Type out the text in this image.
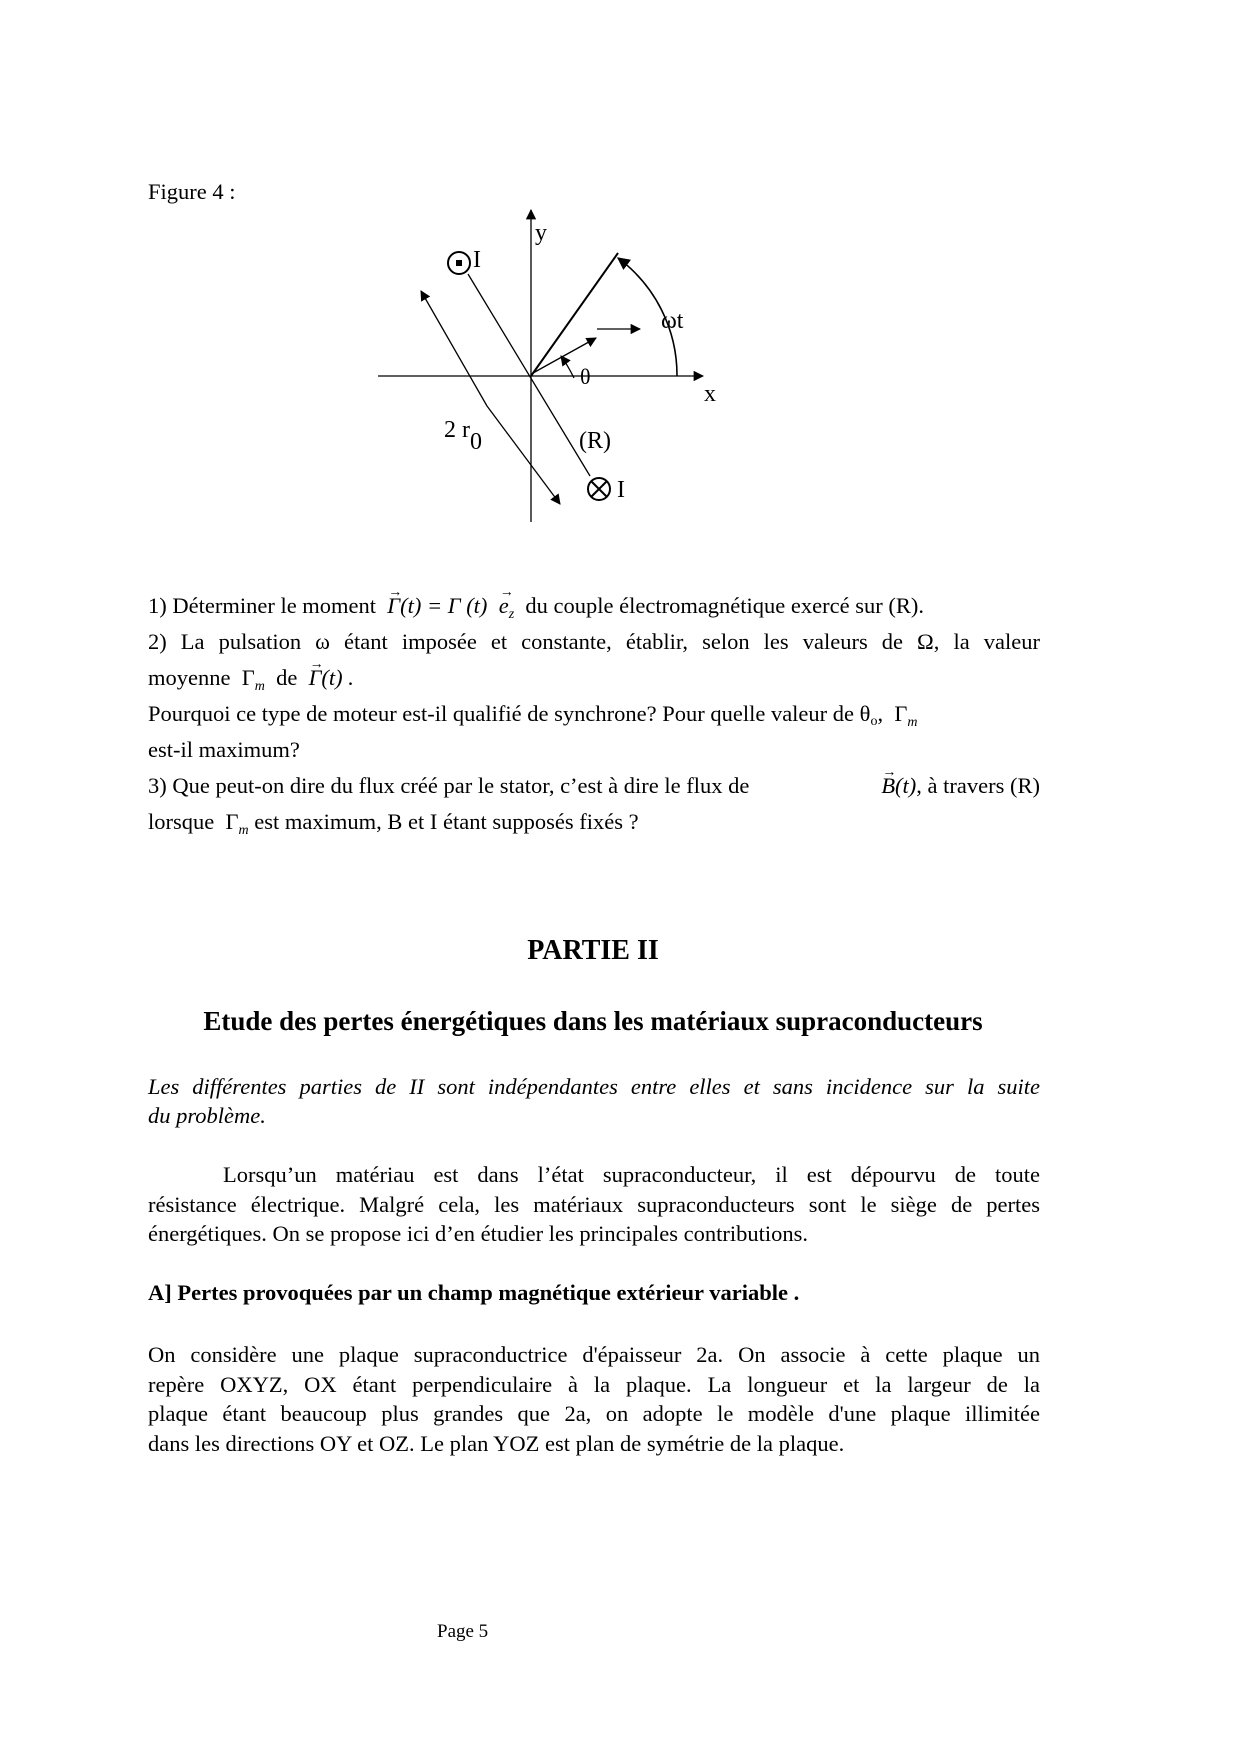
Figure 4 :
y
x
ωt
θ
2 r 0	(R)
I
I
1) Déterminer le moment → Γ(t) = Γ $(t) \to e_z$ du couple électromagnétique exercé sur (R).
2) La pulsation ω étant imposée et constante, établir, selon les valeurs de Ω, la valeur
moyenne $\Gamma_m$ de → Γ(t) .
Pourquoi ce type de moteur est-il qualifié de synchrone? Pour quelle valeur de $\theta_o$, $\Gamma_m$
est-il maximum?
3) Que peut-on dire du flux créé par le stator, c’est à dire le flux de	→ B(t), à travers (R)
lorsque $\Gamma_m$ est maximum, B et I étant supposés fixés ?
PARTIE II
Etude des pertes énergétiques dans les matériaux supraconducteurs
Les différentes parties de II sont indépendantes entre elles et sans incidence sur la suite
du problème.
Lorsqu’un matériau est dans l’état supraconducteur, il est dépourvu de toute
résistance électrique. Malgré cela, les matériaux supraconducteurs sont le siège de pertes
énergétiques. On se propose ici d’en étudier les principales contributions.
A] Pertes provoquées par un champ magnétique extérieur variable .
On considère une plaque supraconductrice d'épaisseur 2a. On associe à cette plaque un
repère OXYZ, OX étant perpendiculaire à la plaque. La longueur et la largeur de la
plaque étant beaucoup plus grandes que 2a, on adopte le modèle d'une plaque illimitée
dans les directions OY et OZ. Le plan YOZ est plan de symétrie de la plaque.
Page 5
